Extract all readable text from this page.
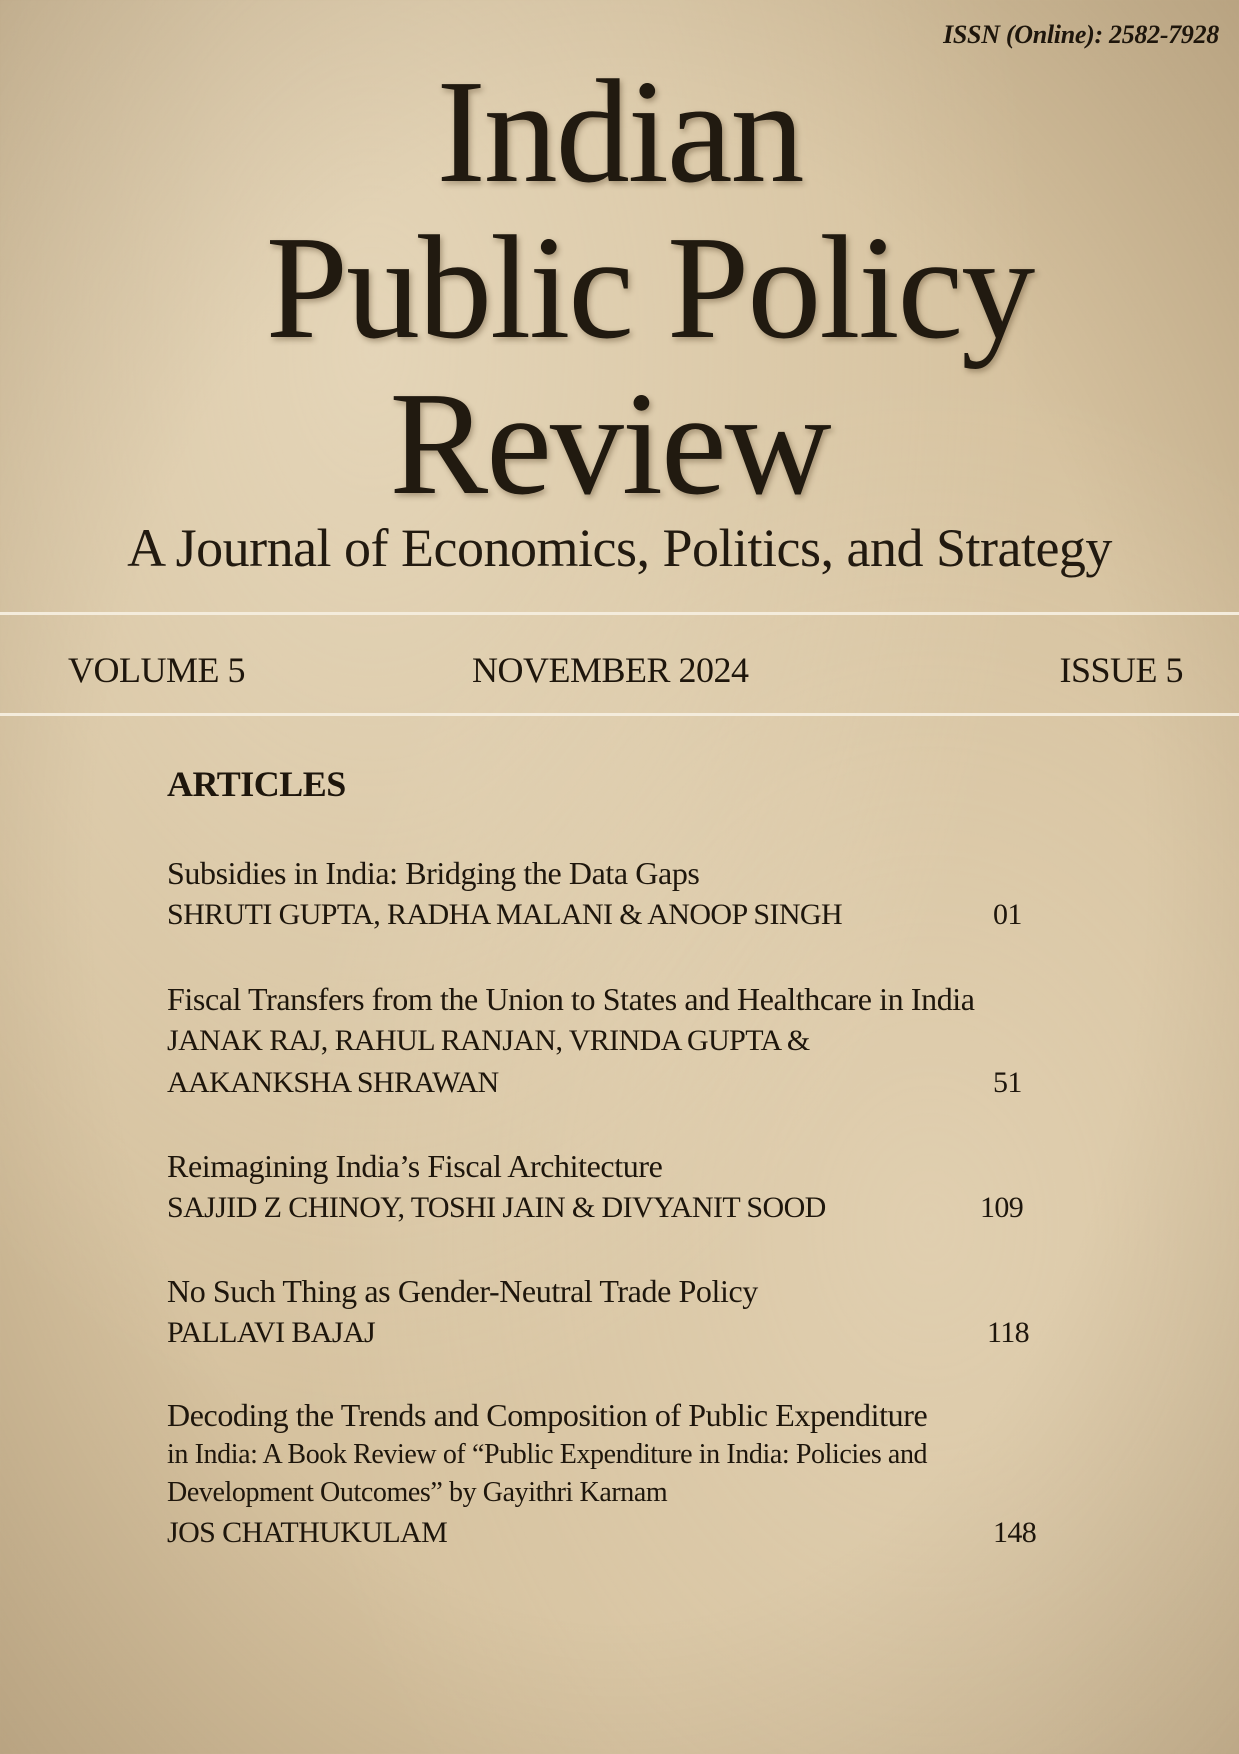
ISSN (Online): 2582-7928
Indian
Public Policy
Review
A Journal of Economics, Politics, and Strategy
VOLUME 5	NOVEMBER 2024	ISSUE 5
ARTICLES
Subsidies in India: Bridging the Data Gaps
SHRUTI GUPTA, RADHA MALANI & ANOOP SINGH	01
Fiscal Transfers from the Union to States and Healthcare in India
JANAK RAJ, RAHUL RANJAN, VRINDA GUPTA &
AAKANKSHA SHRAWAN	51
Reimagining India’s Fiscal Architecture
SAJJID Z CHINOY, TOSHI JAIN & DIVYANIT SOOD	109
No Such Thing as Gender-Neutral Trade Policy
PALLAVI BAJAJ	118
Decoding the Trends and Composition of Public Expenditure
in India: A Book Review of “Public Expenditure in India: Policies and
Development Outcomes” by Gayithri Karnam
JOS CHATHUKULAM	148
